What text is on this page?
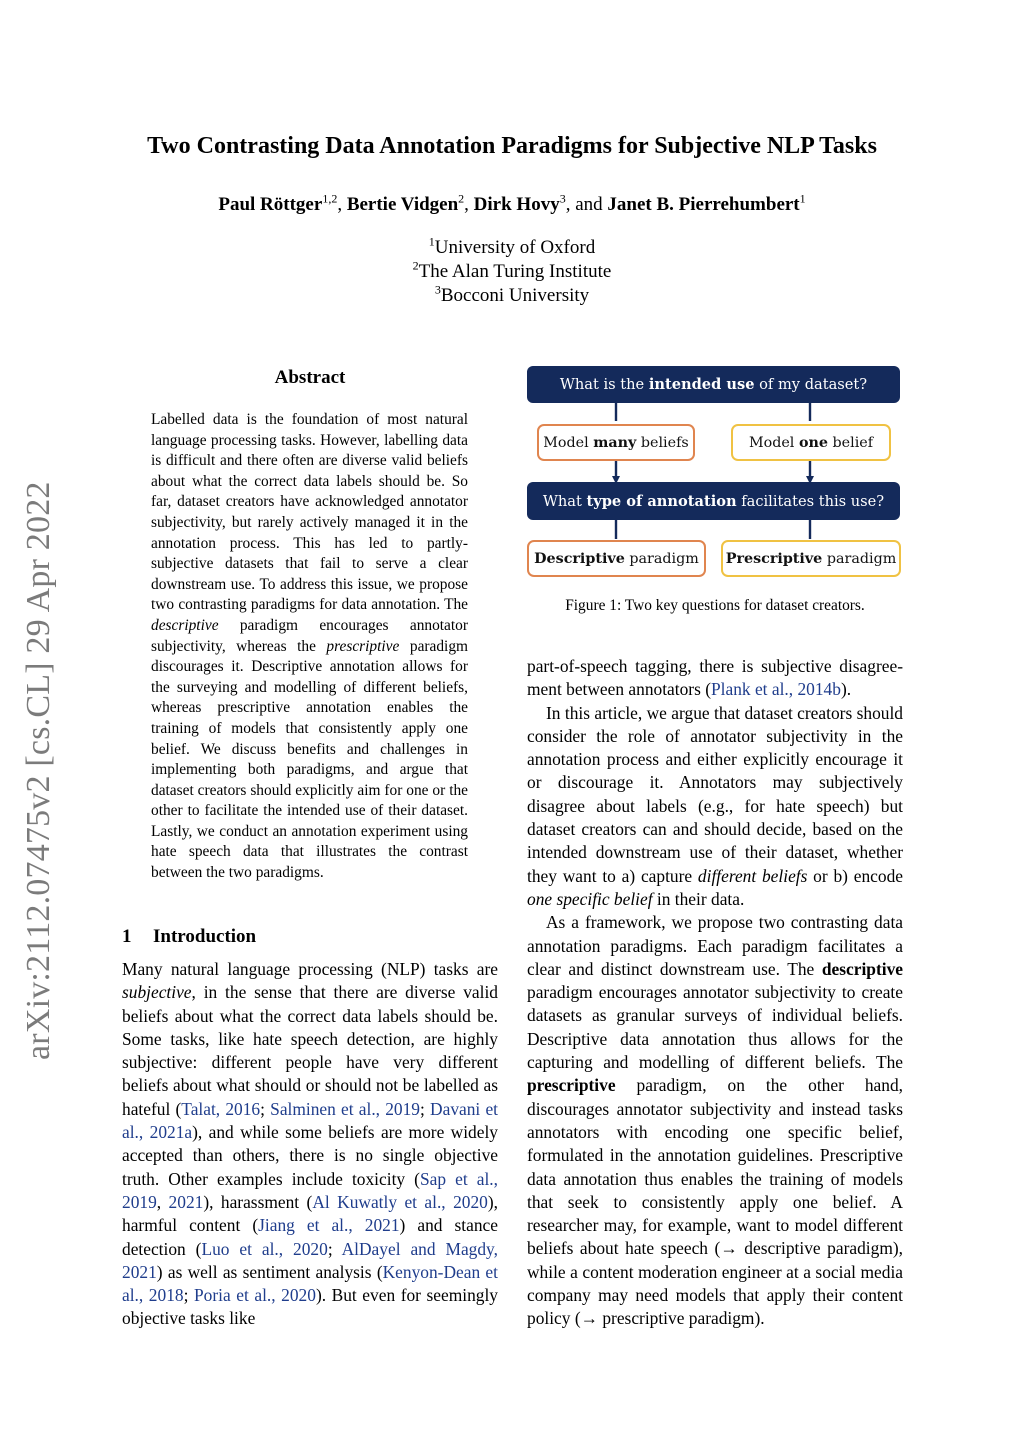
Two Contrasting Data Annotation Paradigms for Subjective NLP Tasks
Paul Röttger$^{1,2}$, Bertie Vidgen$^2$, Dirk Hovy$^3$, and Janet B. Pierrehumbert$^1$
$^1$University of Oxford
$^2$The Alan Turing Institute
$^3$Bocconi University
arXiv:2112.07475v2 [cs.CL] 29 Apr 2022
Abstract

Labelled data is the foundation of most natural language processing tasks. However, labelling data is difficult and there often are diverse valid beliefs about what the correct data labels should be. So far, dataset creators have acknowledged annotator subjectivity, but rarely actively managed it in the annotation process. This has led to partly-subjective datasets that fail to serve a clear downstream use. To address this issue, we propose two contrasting paradigms for data annotation. The descriptive paradigm encourages annotator subjectivity, whereas the prescriptive paradigm discourages it. Descriptive annotation allows for the surveying and modelling of different beliefs, whereas prescriptive annotation enables the training of models that consistently apply one belief. We discuss benefits and challenges in implementing both paradigms, and argue that dataset creators should explicitly aim for one or the other to facilitate the intended use of their dataset. Lastly, we conduct an annotation experiment using hate speech data that illustrates the contrast between the two paradigms.

1 Introduction

Many natural language processing (NLP) tasks are subjective, in the sense that there are diverse valid beliefs about what the correct data labels should be. Some tasks, like hate speech detection, are highly subjective: different people have very different beliefs about what should or should not be labelled as hateful (Talat, 2016; Salminen et al., 2019; Davani et al., 2021a), and while some beliefs are more widely accepted than others, there is no single objective truth. Other examples include toxicity (Sap et al., 2019, 2021), harassment (Al Kuwatly et al., 2020), harmful content (Jiang et al., 2021) and stance detection (Luo et al., 2020; AlDayel and Magdy, 2021) as well as sentiment analysis (Kenyon-Dean et al., 2018; Poria et al., 2020). But even for seemingly objective tasks like

What is the
intended use
of my dataset?
Model
many
beliefs	Model
one
belief
What
type of annotation
facilitates this use?
Descriptive
paradigm Prescriptive
paradigm
Figure 1: Two key questions for dataset creators.

part-of-speech tagging, there is subjective disagreement between annotators (Plank et al., 2014b).

In this article, we argue that dataset creators should consider the role of annotator subjectivity in the annotation process and either explicitly encourage it or discourage it. Annotators may subjectively disagree about labels (e.g., for hate speech) but dataset creators can and should decide, based on the intended downstream use of their dataset, whether they want to a) capture different beliefs or b) encode one specific belief in their data.

As a framework, we propose two contrasting data annotation paradigms. Each paradigm facilitates a clear and distinct downstream use. The descriptive paradigm encourages annotator subjectivity to create datasets as granular surveys of individual beliefs. Descriptive data annotation thus allows for the capturing and modelling of different beliefs. The prescriptive paradigm, on the other hand, discourages annotator subjectivity and instead tasks annotators with encoding one specific belief, formulated in the annotation guidelines. Prescriptive data annotation thus enables the training of models that seek to consistently apply one belief. A researcher may, for example, want to model different beliefs about hate speech (→ descriptive paradigm), while a content moderation engineer at a social media company may need models that apply their content policy (→ prescriptive paradigm).
